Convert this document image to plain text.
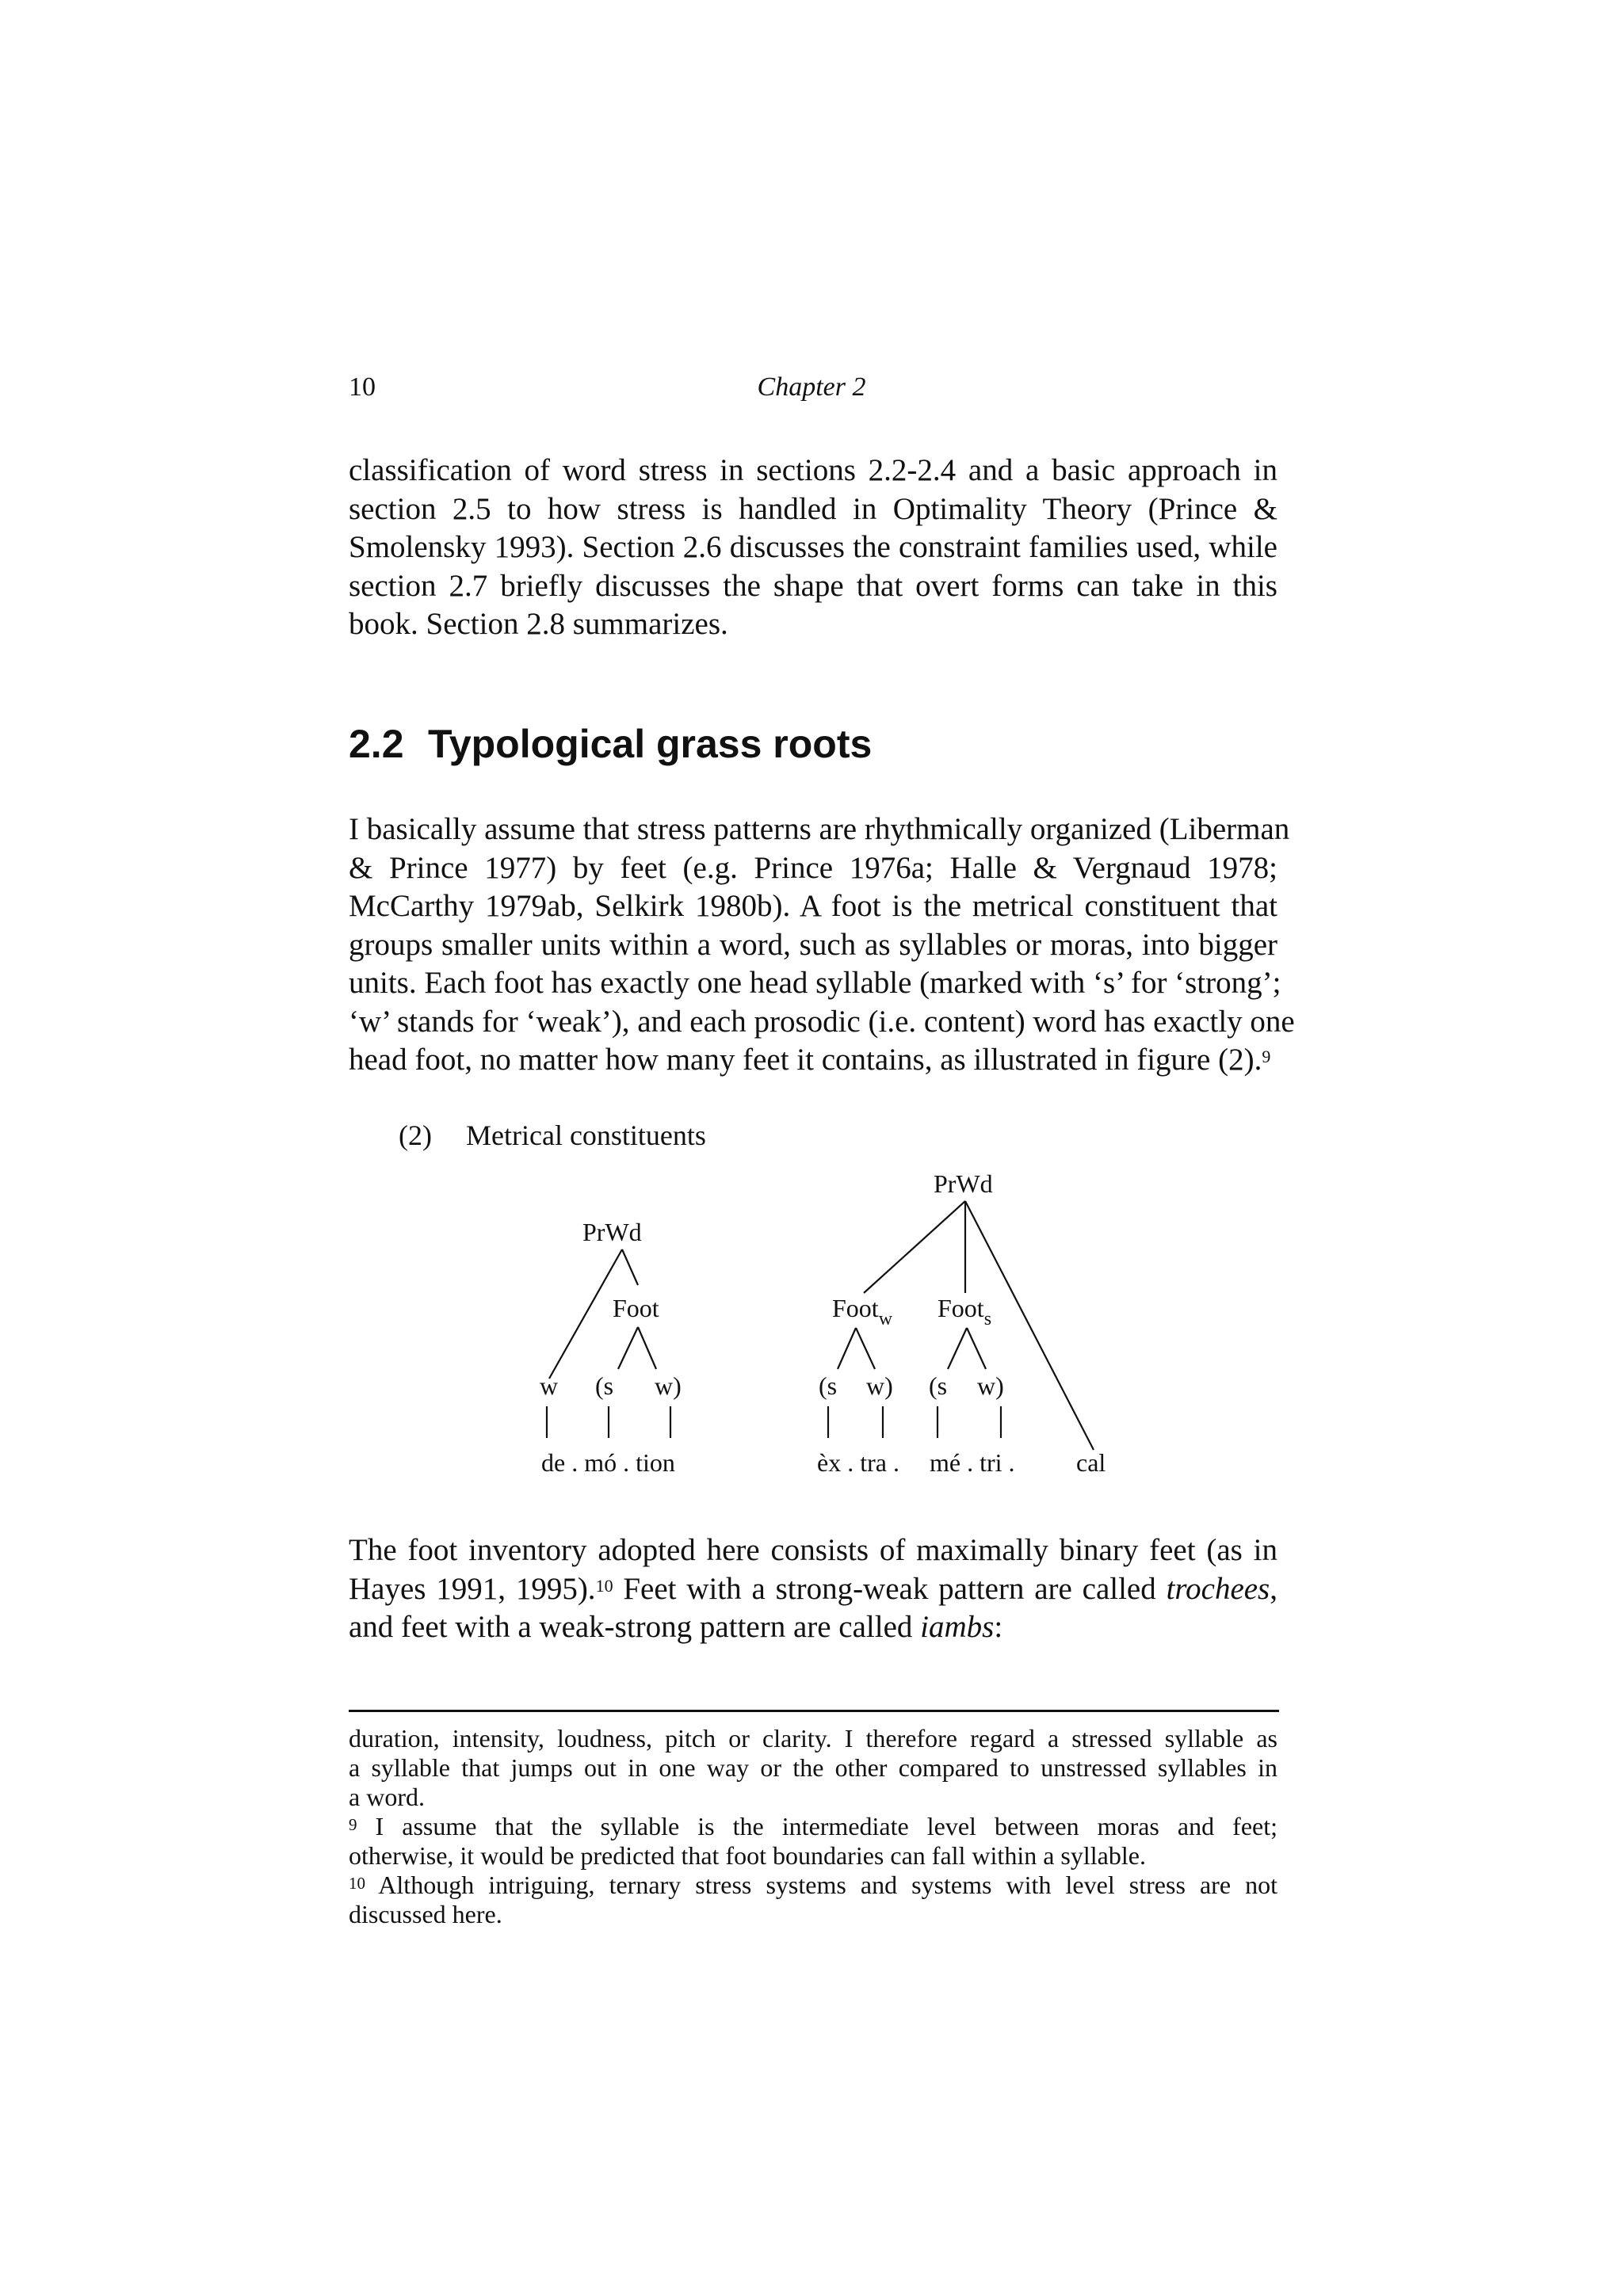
10	Chapter 2
classification of word stress in sections 2.2-2.4 and a basic approach in
section 2.5 to how stress is handled in Optimality Theory (Prince &
Smolensky 1993). Section 2.6 discusses the constraint families used, while
section 2.7 briefly discusses the shape that overt forms can take in this
book. Section 2.8 summarizes.
2.2 Typological grass roots
I basically assume that stress patterns are rhythmically organized (Liberman
& Prince 1977) by feet (e.g. Prince 1976a; Halle & Vergnaud 1978;
McCarthy 1979ab, Selkirk 1980b). A foot is the metrical constituent that
groups smaller units within a word, such as syllables or moras, into bigger
units. Each foot has exactly one head syllable (marked with ‘s’ for ‘strong’;
‘w’ stands for ‘weak’), and each prosodic (i.e. content) word has exactly one
head foot, no matter how many feet it contains, as illustrated in figure (2).$^9$
(2) Metrical constituents
PrWd
Foot
w (s w)
de . mó . tion
PrWd
Foot$_w$ Foot$_s$
(s w) (s w)
èx . tra . mé . tri . cal
The foot inventory adopted here consists of maximally binary feet (as in
Hayes 1991, 1995).$^{10}$ Feet with a strong-weak pattern are called trochees,
and feet with a weak-strong pattern are called iambs:
duration, intensity, loudness, pitch or clarity. I therefore regard a stressed syllable as
a syllable that jumps out in one way or the other compared to unstressed syllables in
a word.
$^9$ I assume that the syllable is the intermediate level between moras and feet;
otherwise, it would be predicted that foot boundaries can fall within a syllable.
$^{10}$ Although intriguing, ternary stress systems and systems with level stress are not
discussed here.
